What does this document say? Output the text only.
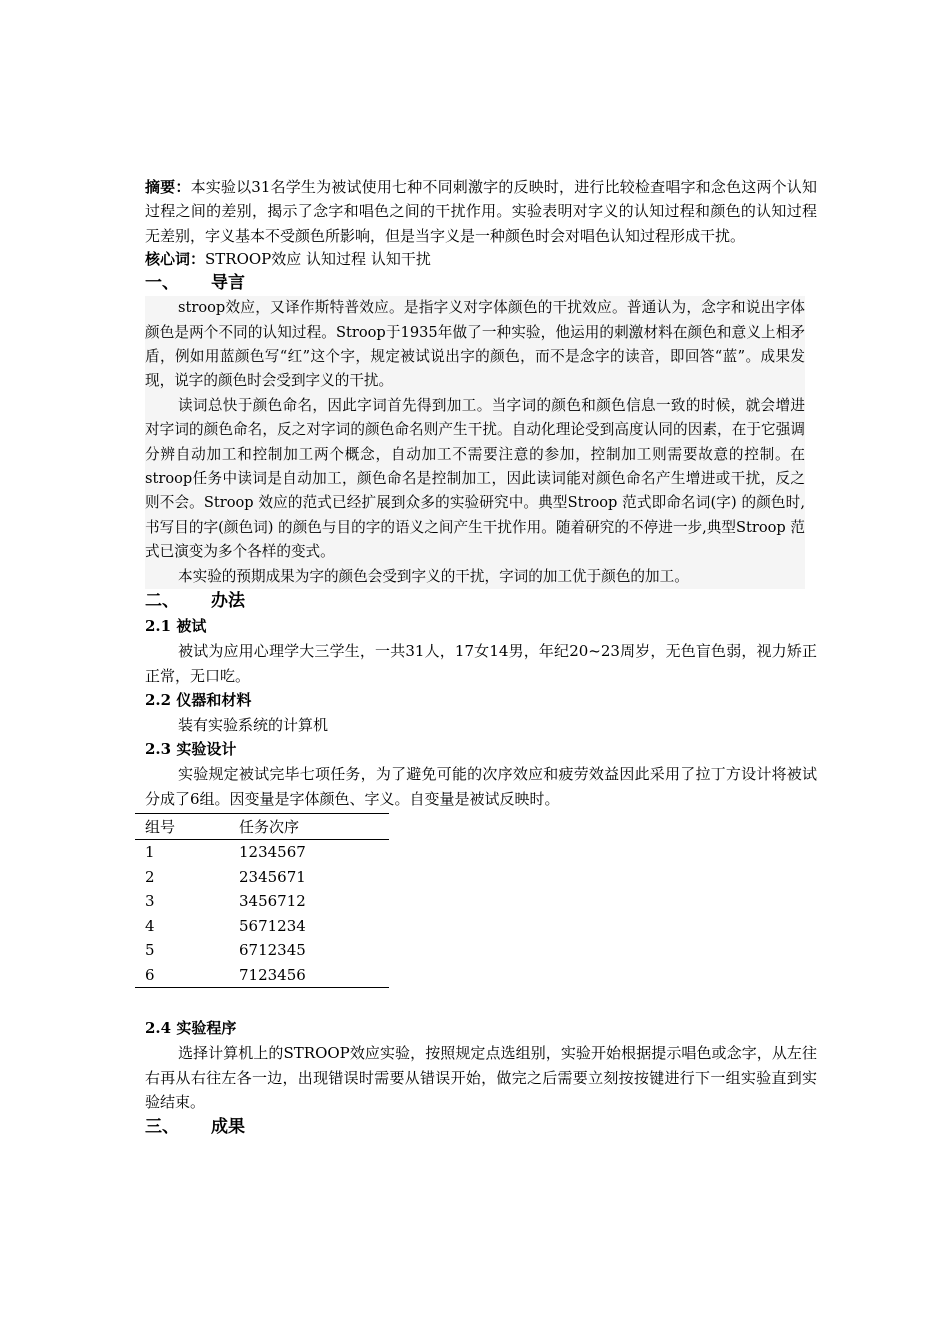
摘要：本实验以31名学生为被试使用七种不同刺激字的反映时，进行比较检查唱字和念色这两个认知过程之间的差别，揭示了念字和唱色之间的干扰作用。实验表明对字义的认知过程和颜色的认知过程无差别，字义基本不受颜色所影响，但是当字义是一种颜色时会对唱色认知过程形成干扰。

核心词：STROOP效应 认知过程 认知干扰

一、 导言

stroop效应，又译作斯特普效应。是指字义对字体颜色的干扰效应。普通认为，念字和说出字体颜色是两个不同的认知过程。Stroop于1935年做了一种实验，他运用的刺激材料在颜色和意义上相矛盾，例如用蓝颜色写“红”这个字，规定被试说出字的颜色，而不是念字的读音，即回答“蓝”。成果发现，说字的颜色时会受到字义的干扰。

读词总快于颜色命名，因此字词首先得到加工。当字词的颜色和颜色信息一致的时候，就会增进对字词的颜色命名，反之对字词的颜色命名则产生干扰。自动化理论受到高度认同的因素，在于它强调分辨自动加工和控制加工两个概念，自动加工不需要注意的参加，控制加工则需要故意的控制。在stroop任务中读词是自动加工，颜色命名是控制加工，因此读词能对颜色命名产生增进或干扰，反之则不会。Stroop 效应的范式已经扩展到众多的实验研究中。典型Stroop 范式即命名词(字) 的颜色时,书写目的字(颜色词) 的颜色与目的字的语义之间产生干扰作用。随着研究的不停进一步,典型Stroop 范式已演变为多个各样的变式。

本实验的预期成果为字的颜色会受到字义的干扰，字词的加工优于颜色的加工。

二、 办法
2.1 被试

被试为应用心理学大三学生，一共31人，17女14男，年纪20~23周岁，无色盲色弱，视力矫正正常，无口吃。

2.2 仪器和材料

装有实验系统的计算机

2.3 实验设计

实验规定被试完毕七项任务，为了避免可能的次序效应和疲劳效益因此采用了拉丁方设计将被试分成了6组。因变量是字体颜色、字义。自变量是被试反映时。

组号	任务次序
1	1234567
2	2345671
3	3456712
4	5671234
5	6712345
6	7123456
2.4 实验程序

选择计算机上的STROOP效应实验，按照规定点选组别，实验开始根据提示唱色或念字，从左往右再从右往左各一边，出现错误时需要从错误开始，做完之后需要立刻按按键进行下一组实验直到实验结束。

三、 成果
